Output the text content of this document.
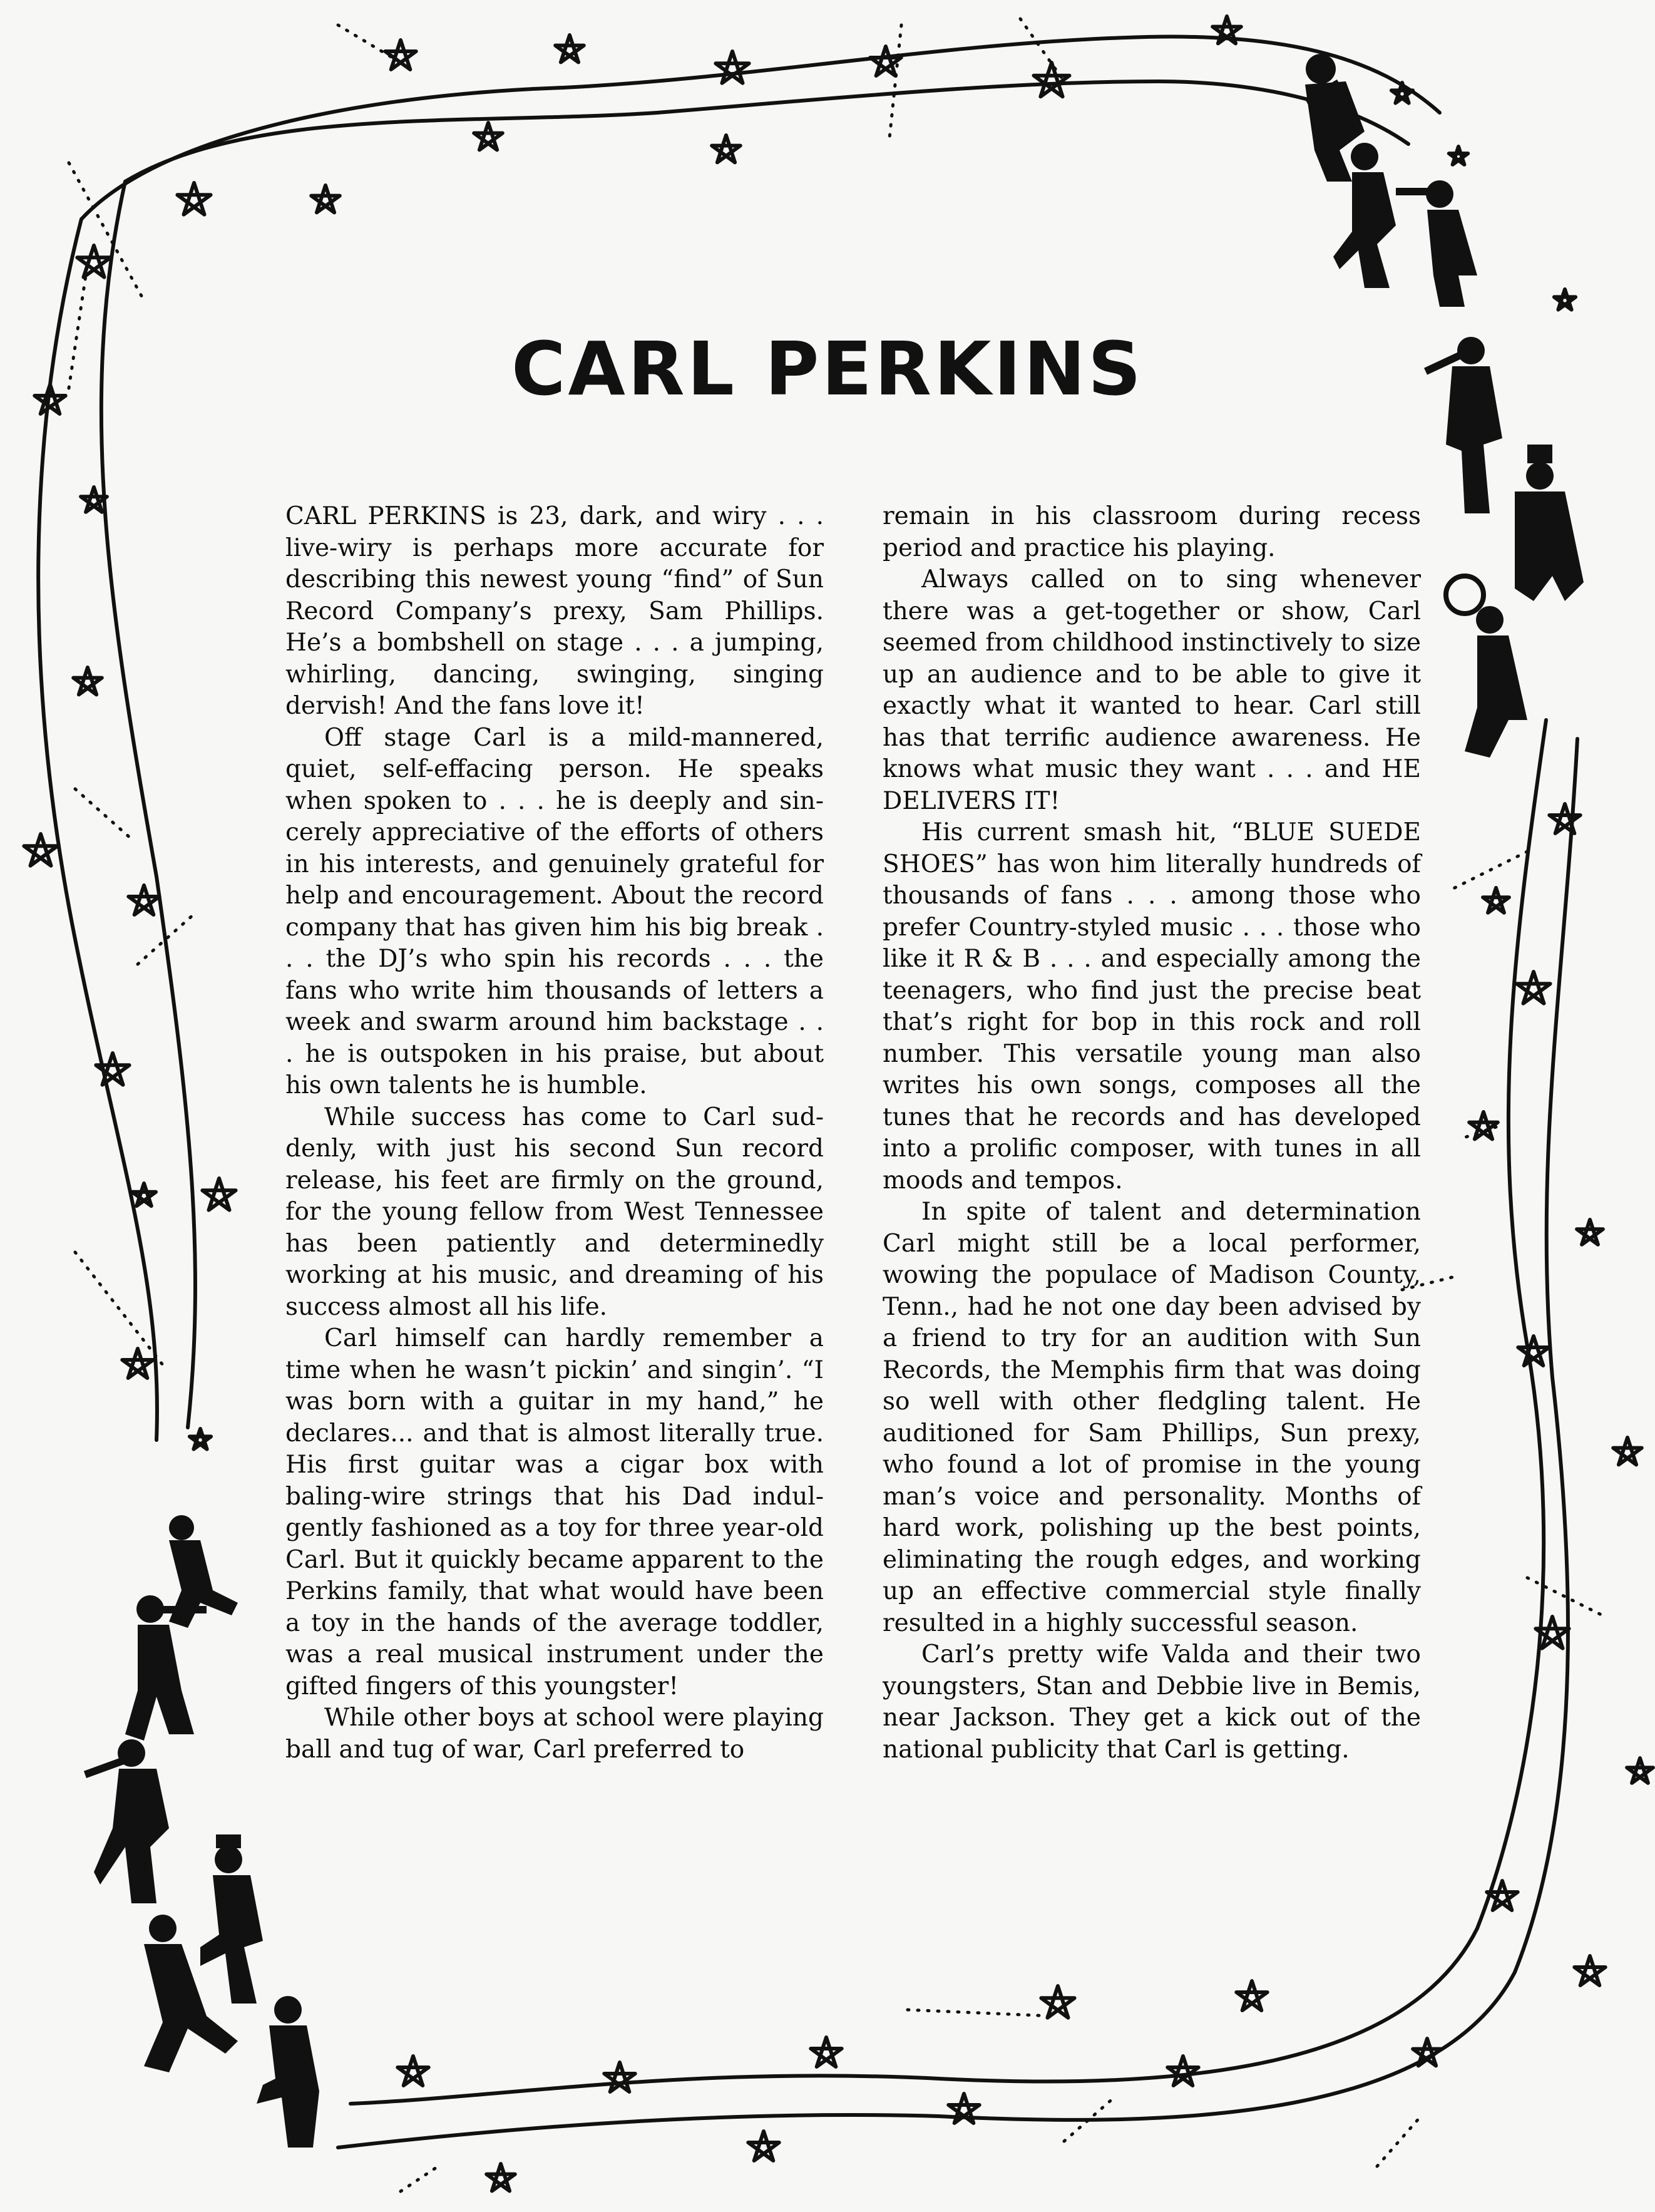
CARL PERKINS

CARL PERKINS is 23, dark, and wiry . . . live-wiry is perhaps more accurate for describing this newest young “find” of Sun Record Company’s prexy, Sam Phillips. He’s a bombshell on stage . . . a jumping, whirling, dancing, swinging, singing dervish! And the fans love it!

Off stage Carl is a mild-mannered, quiet, self-effacing person. He speaks when spoken to . . . he is deeply and sincerely appreciative of the efforts of others in his interests, and genuinely grateful for help and encouragement. About the record company that has given him his big break . . . the DJ’s who spin his records . . . the fans who write him thousands of letters a week and swarm around him backstage . . . he is outspoken in his praise, but about his own talents he is humble.

While success has come to Carl suddenly, with just his second Sun record release, his feet are firmly on the ground, for the young fellow from West Tennessee has been patiently and determinedly working at his music, and dreaming of his success almost all his life.

Carl himself can hardly remember a time when he wasn’t pickin’ and singin’. “I was born with a guitar in my hand,” he declares... and that is almost literally true. His first guitar was a cigar box with baling-wire strings that his Dad indulgently fashioned as a toy for three year-old Carl. But it quickly became apparent to the Perkins family, that what would have been a toy in the hands of the average toddler, was a real musical instrument under the gifted fingers of this youngster!

While other boys at school were playing ball and tug of war, Carl preferred to

remain in his classroom during recess period and practice his playing.

Always called on to sing whenever there was a get-together or show, Carl seemed from childhood instinctively to size up an audience and to be able to give it exactly what it wanted to hear. Carl still has that terrific audience awareness. He knows what music they want . . . and HE DELIVERS IT!

His current smash hit, “BLUE SUEDE SHOES” has won him literally hundreds of thousands of fans . . . among those who prefer Country-styled music . . . those who like it R & B . . . and especially among the teenagers, who find just the precise beat that’s right for bop in this rock and roll number. This versatile young man also writes his own songs, composes all the tunes that he records and has developed into a prolific composer, with tunes in all moods and tempos.

In spite of talent and determination Carl might still be a local performer, wowing the populace of Madison County, Tenn., had he not one day been advised by a friend to try for an audition with Sun Records, the Memphis firm that was doing so well with other fledgling talent. He auditioned for Sam Phillips, Sun prexy, who found a lot of promise in the young man’s voice and personality. Months of hard work, polishing up the best points, eliminating the rough edges, and working up an effective commercial style finally resulted in a highly successful season.

Carl’s pretty wife Valda and their two youngsters, Stan and Debbie live in Bemis, near Jackson. They get a kick out of the national publicity that Carl is getting.
